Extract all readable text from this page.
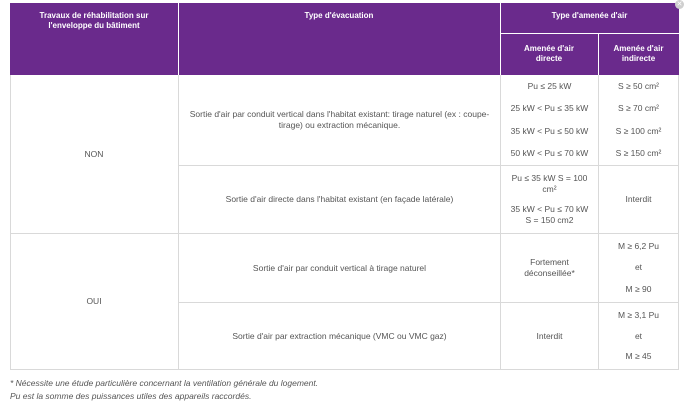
Travaux de réhabilitation sur l'enveloppe du bâtiment
Type d'évacuation	Type d'amenée d'air
Amenée d'air directe
Amenée d'air indirecte
NON
OUI
Sortie d'air par conduit vertical dans l'habitat existant: tirage naturel (ex : coupe-tirage) ou extraction mécanique.
Pu ≤ 25 kW
25 kW < Pu ≤ 35 kW
35 kW < Pu ≤ 50 kW
50 kW < Pu ≤ 70 kW
S ≥ 50 cm²
S ≥ 70 cm²
S ≥ 100 cm²
S ≥ 150 cm²
Sortie d'air directe dans l'habitat existant (en façade latérale)
Pu ≤ 35 kW S = 100 cm²
35 kW < Pu ≤ 70 kW S = 150 cm2
Interdit
Sortie d'air par conduit vertical à tirage naturel
Fortement déconseillée*
M ≥ 6,2 Pu
et
M ≥ 90
Sortie d'air par extraction mécanique (VMC ou VMC gaz)	Interdit
M ≥ 3,1 Pu
et
M ≥ 45
✕
* Nécessite une étude particulière concernant la ventilation générale du logement.
Pu est la somme des puissances utiles des appareils raccordés.
